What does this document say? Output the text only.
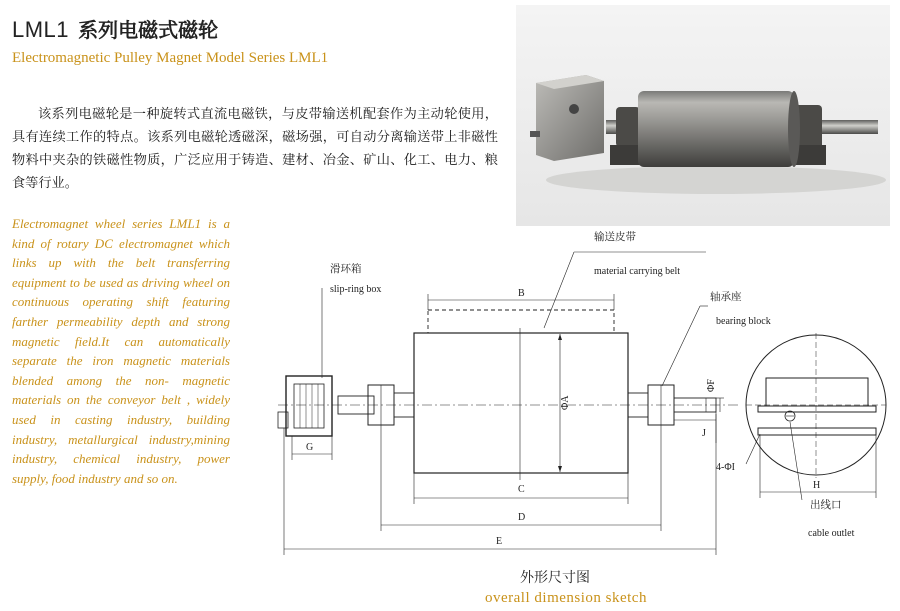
LML1 系列电磁式磁轮
Electromagnetic Pulley Magnet Model Series LML1
该系列电磁轮是一种旋转式直流电磁铁，与皮带输送机配套作为主动轮使用，具有连续工作的特点。该系列电磁轮透磁深，磁场强，可自动分离输送带上非磁性物料中夹杂的铁磁性物质，广泛应用于铸造、建材、冶金、矿山、化工、电力、粮食等行业。
Electromagnet wheel series LML1 is a kind of rotary DC electromagnet which links up with the belt transferring equipment to be used as driving wheel on continuous operating shift featuring farther permeability depth and strong magnetic field.It can automatically separate the iron magnetic materials blended among the non- magnetic materials on the conveyor belt , widely used in casting industry, building industry, metallurgical industry,mining industry, chemical industry, power supply, food industry and so on.
滑环箱
slip-ring box
输送皮带
material carrying belt
轴承座
bearing block
出线口
cable outlet
B
C
D
E
G
J
H
4-ΦI
ΦA
ΦF
外形尺寸图
overall dimension sketch
